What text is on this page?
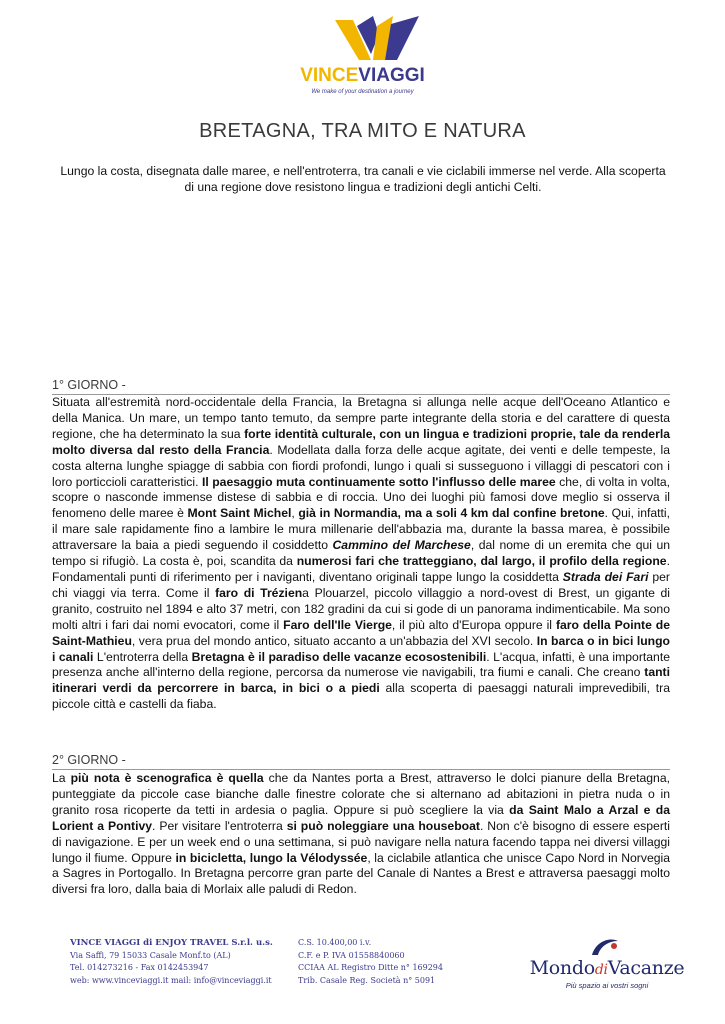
VINCEVIAGGI
We make of your destination a journey
BRETAGNA, TRA MITO E NATURA
Lungo la costa, disegnata dalle maree, e nell'entroterra, tra canali e vie ciclabili immerse nel verde. Alla scoperta di una regione dove resistono lingua e tradizioni degli antichi Celti.
1° GIORNO -
Situata all'estremità nord-occidentale della Francia, la Bretagna si allunga nelle acque dell'Oceano Atlantico e della Manica. Un mare, un tempo tanto temuto, da sempre parte integrante della storia e del carattere di questa regione, che ha determinato la sua forte identità culturale, con un lingua e tradizioni proprie, tale da renderla molto diversa dal resto della Francia. Modellata dalla forza delle acque agitate, dei venti e delle tempeste, la costa alterna lunghe spiagge di sabbia con fiordi profondi, lungo i quali si susseguono i villaggi di pescatori con i loro porticcioli caratteristici. Il paesaggio muta continuamente sotto l'influsso delle maree che, di volta in volta, scopre o nasconde immense distese di sabbia e di roccia. Uno dei luoghi più famosi dove meglio si osserva il fenomeno delle maree è Mont Saint Michel, già in Normandia, ma a soli 4 km dal confine bretone. Qui, infatti, il mare sale rapidamente fino a lambire le mura millenarie dell'abbazia ma, durante la bassa marea, è possibile attraversare la baia a piedi seguendo il cosiddetto Cammino del Marchese, dal nome di un eremita che qui un tempo si rifugiò. La costa è, poi, scandita da numerosi fari che tratteggiano, dal largo, il profilo della regione. Fondamentali punti di riferimento per i naviganti, diventano originali tappe lungo la cosiddetta Strada dei Fari per chi viaggi via terra. Come il faro di Tréziena Plouarzel, piccolo villaggio a nord-ovest di Brest, un gigante di granito, costruito nel 1894 e alto 37 metri, con 182 gradini da cui si gode di un panorama indimenticabile. Ma sono molti altri i fari dai nomi evocatori, come il Faro dell'Ile Vierge, il più alto d'Europa oppure il faro della Pointe de Saint-Mathieu, vera prua del mondo antico, situato accanto a un'abbazia del XVI secolo. In barca o in bici lungo i canali L'entroterra della Bretagna è il paradiso delle vacanze ecosostenibili. L'acqua, infatti, è una importante presenza anche all'interno della regione, percorsa da numerose vie navigabili, tra fiumi e canali. Che creano tanti itinerari verdi da percorrere in barca, in bici o a piedi alla scoperta di paesaggi naturali imprevedibili, tra piccole città e castelli da fiaba.
2° GIORNO -
La più nota è scenografica è quella che da Nantes porta a Brest, attraverso le dolci pianure della Bretagna, punteggiate da piccole case bianche dalle finestre colorate che si alternano ad abitazioni in pietra nuda o in granito rosa ricoperte da tetti in ardesia o paglia. Oppure si può scegliere la via da Saint Malo a Arzal e da Lorient a Pontivy. Per visitare l'entroterra si può noleggiare una houseboat. Non c'è bisogno di essere esperti di navigazione. E per un week end o una settimana, si può navigare nella natura facendo tappa nei diversi villaggi lungo il fiume. Oppure in bicicletta, lungo la Vélodyssée, la ciclabile atlantica che unisce Capo Nord in Norvegia a Sagres in Portogallo. In Bretagna percorre gran parte del Canale di Nantes a Brest e attraversa paesaggi molto diversi fra loro, dalla baia di Morlaix alle paludi di Redon.
VINCE VIAGGI di ENJOY TRAVEL S.r.l. u.s.
Via Saffi, 79 15033 Casale Monf.to (AL)
Tel. 014273216 - Fax 0142453947
web: www.vinceviaggi.it mail: info@vinceviaggi.it
C.S. 10.400,00 i.v.
C.F. e P. IVA 01558840060
CCIAA AL Registro Ditte n° 169294
Trib. Casale Reg. Società n° 5091
MondodiVacanze
Più spazio ai vostri sogni
